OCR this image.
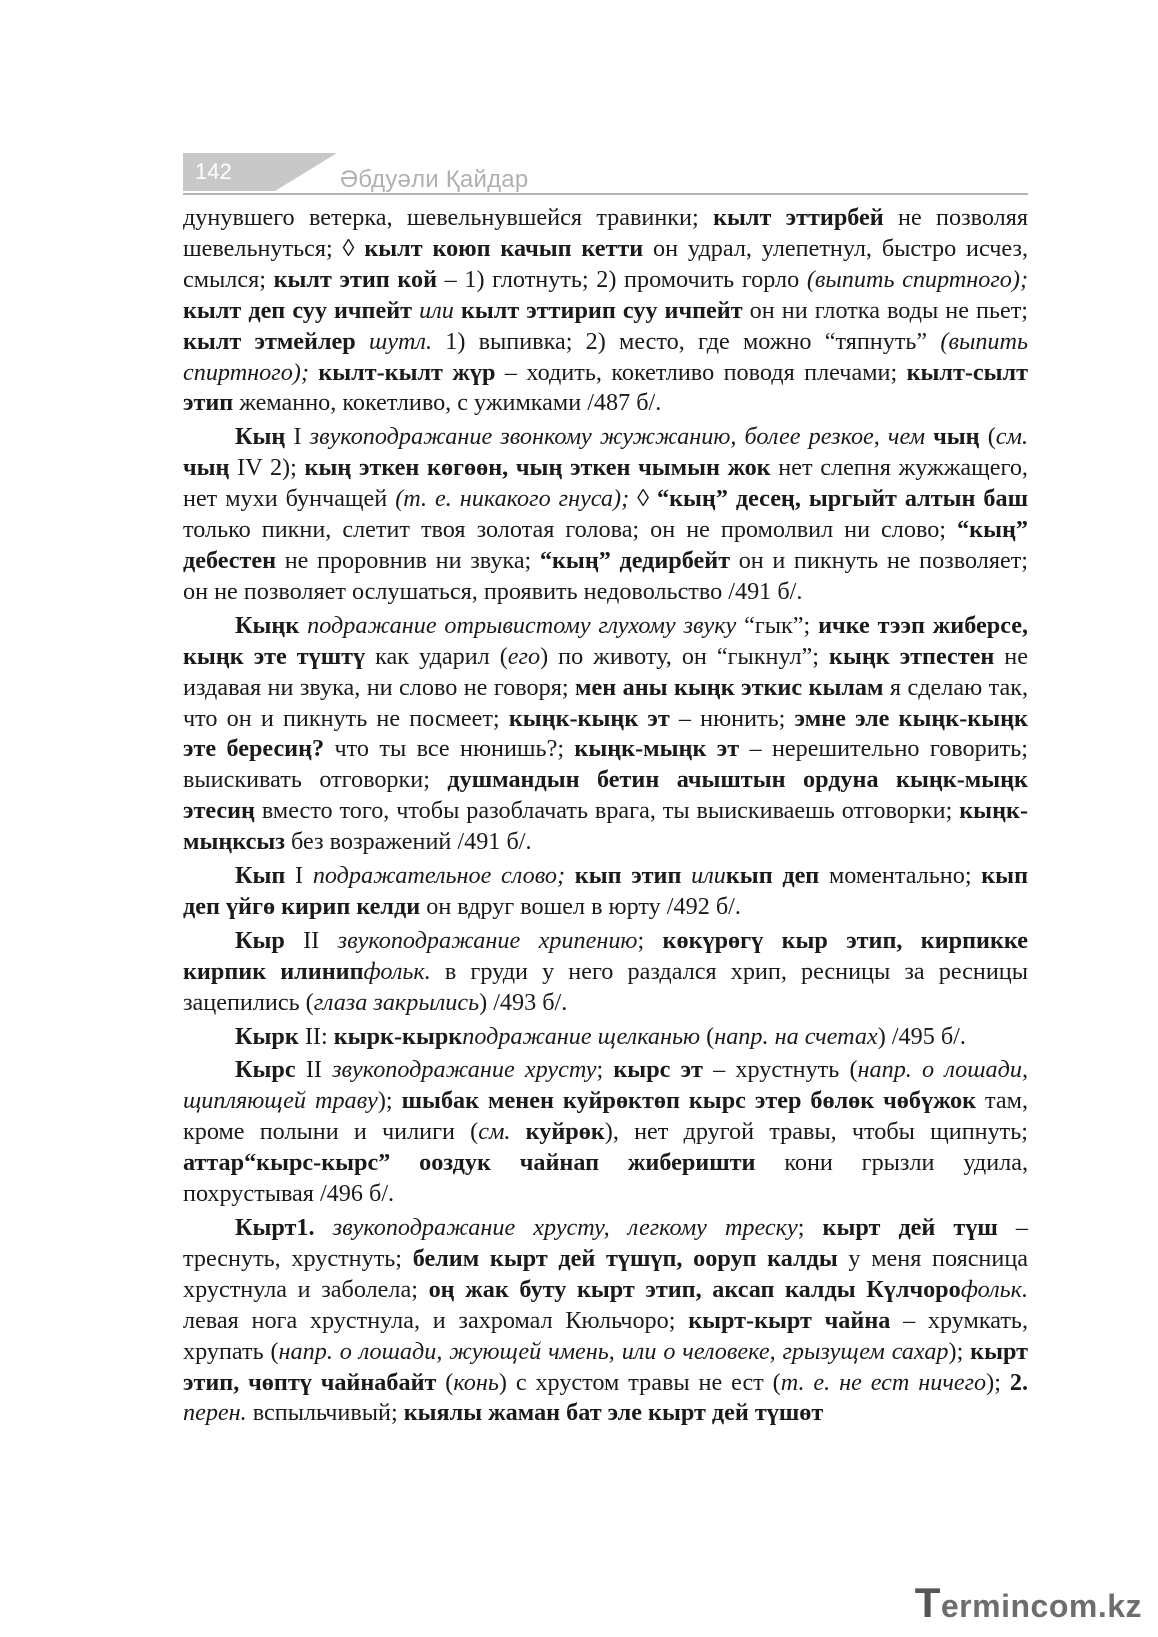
142	Әбдуәли Қайдар

дунувшего ветерка, шевельнувшейся травинки; кылт эттирбей не позволяя шевельнуться; ◊ кылт коюп качып кетти он удрал, улепетнул, быстро исчез, смылся; кылт этип кой – 1) глотнуть; 2) промочить горло (выпить спиртного); кылт деп суу ичпейт или кылт эттирип суу ичпейт он ни глотка воды не пьет; кылт этмейлер шутл. 1) выпивка; 2) место, где можно “тяпнуть” (выпить спиртного); кылт-кылт жүр – ходить, кокетливо поводя плечами; кылт-сылт этип жеманно, кокетливо, с ужимками /487 б/.

Кың I звукоподражание звонкому жужжанию, более резкое, чем чың (см. чың IV 2); кың эткен көгөөн, чың эткен чымын жок нет слепня жужжащего, нет мухи бунчащей (т. е. никакого гнуса); ◊ “кың” десең, ыргыйт алтын баш только пикни, слетит твоя золотая голова; он не промолвил ни слово; “кың” дебестен не проровнив ни звука; “кың” дедирбейт он и пикнуть не позволяет; он не позволяет ослушаться, проявить недовольство /491 б/.

Кыңк подражание отрывистому глухому звуку “гык”; ичке тээп жиберсе, кыңк эте түштү как ударил (его) по животу, он “гыкнул”; кыңк этпестен не издавая ни звука, ни слово не говоря; мен аны кыңк эткис кылам я сделаю так, что он и пикнуть не посмеет; кыңк-кыңк эт – нюнить; эмне эле кыңк-кыңк эте бересиң? что ты все нюнишь?; кыңк-мыңк эт – нерешительно говорить; выискивать отговорки; душмандын бетин ачыштын ордуна кыңк-мыңк этесиң вместо того, чтобы разоблачать врага, ты выискиваешь отговорки; кыңк-мыңксыз без возражений /491 б/.

Кып I подражательное слово; кып этип иликып деп моментально; кып деп үйгө кирип келди он вдруг вошел в юрту /492 б/.

Кыр II звукоподражание хрипению; көкүрөгү кыр этип, кирпикке кирпик илинипфольк. в груди у него раздался хрип, ресницы за ресницы зацепились (глаза закрылись) /493 б/.

Кырк II: кырк-кыркподражание щелканью (напр. на счетах) /495 б/.

Кырс II звукоподражание хрусту; кырс эт – хрустнуть (напр. о лошади, щипляющей траву); шыбак менен куйрөктөп кырс этер бөлөк чөбүжок там, кроме полыни и чилиги (см. куйрөк), нет другой травы, чтобы щипнуть; аттар“кырс-кырс” ооздук чайнап жиберишти кони грызли удила, похрустывая /496 б/.

Кырт1. звукоподражание хрусту, легкому треску; кырт дей түш – треснуть, хрустнуть; белим кырт дей түшүп, ооруп калды у меня поясница хрустнула и заболела; оң жак буту кырт этип, аксап калды Күлчорофольк. левая нога хрустнула, и захромал Кюльчоро; кырт-кырт чайна – хрумкать, хрупать (напр. о лошади, жующей чмень, или о человеке, грызущем сахар); кырт этип, чөптү чайнабайт (конь) с хрустом травы не ест (т. е. не ест ничего); 2. перен. вспыльчивый; кыялы жаман бат эле кырт дей түшөт

Termincom.kz
